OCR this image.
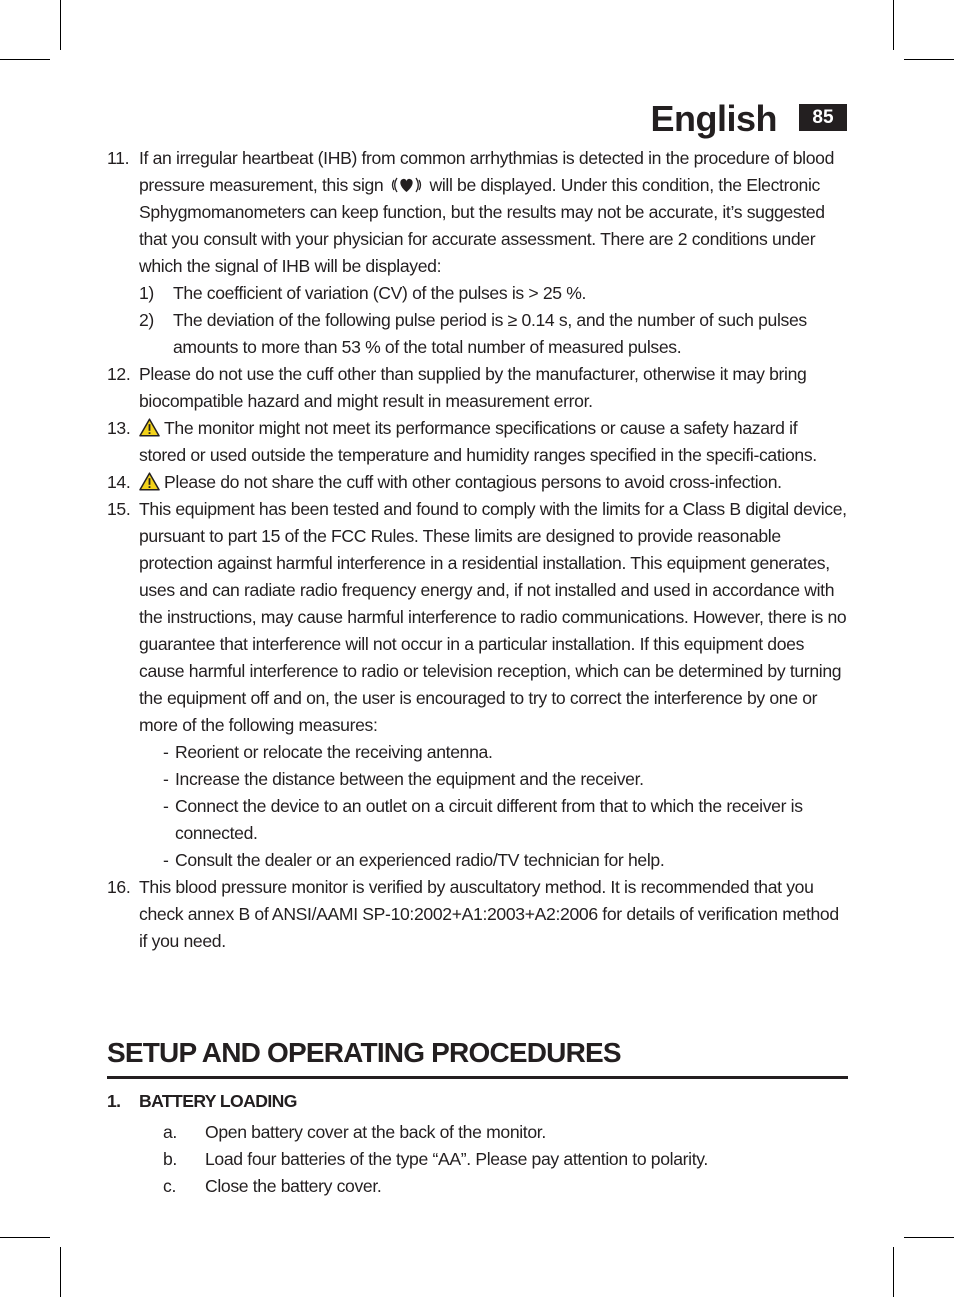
English	85
11. If an irregular heartbeat (IHB) from common arrhythmias is detected in the procedure of blood pressure measurement, this sign	will be displayed. Under this condition, the Electronic Sphygmomanometers can keep function, but the results may not be accurate, it’s suggested that you consult with your physician for accurate assessment. There are 2 conditions under which the signal of IHB will be displayed:
1) The coefficient of variation (CV) of the pulses is > 25 %.
2) The deviation of the following pulse period is ≥ 0.14 s, and the number of such pulses amounts to more than 53 % of the total number of measured pulses.
12. Please do not use the cuff other than supplied by the manufacturer, otherwise it may bring biocompatible hazard and might result in measurement error.
13. The monitor might not meet its performance specifications or cause a safety hazard if stored or used outside the temperature and humidity ranges specified in the specifi-cations.
14. Please do not share the cuff with other contagious persons to avoid cross-infection.
15. This equipment has been tested and found to comply with the limits for a Class B digital device, pursuant to part 15 of the FCC Rules. These limits are designed to provide reasonable protection against harmful interference in a residential installation. This equipment generates, uses and can radiate radio frequency energy and, if not installed and used in accordance with the instructions, may cause harmful interference to radio communications. However, there is no guarantee that interference will not occur in a particular installation. If this equipment does cause harmful interference to radio or television reception, which can be determined by turning the equipment off and on, the user is encouraged to try to correct the interference by one or more of the following measures:
- Reorient or relocate the receiving antenna.
- Increase the distance between the equipment and the receiver.
- Connect the device to an outlet on a circuit different from that to which the receiver is connected.
- Consult the dealer or an experienced radio/TV technician for help.
16. This blood pressure monitor is verified by auscultatory method. It is recommended that you check annex B of ANSI/AAMI SP-10:2002+A1:2003+A2:2006 for details of verification method if you need.
SETUP AND OPERATING PROCEDURES
1. BATTERY LOADING
a. Open battery cover at the back of the monitor.
b. Load four batteries of the type “AA”. Please pay attention to polarity.
c. Close the battery cover.
